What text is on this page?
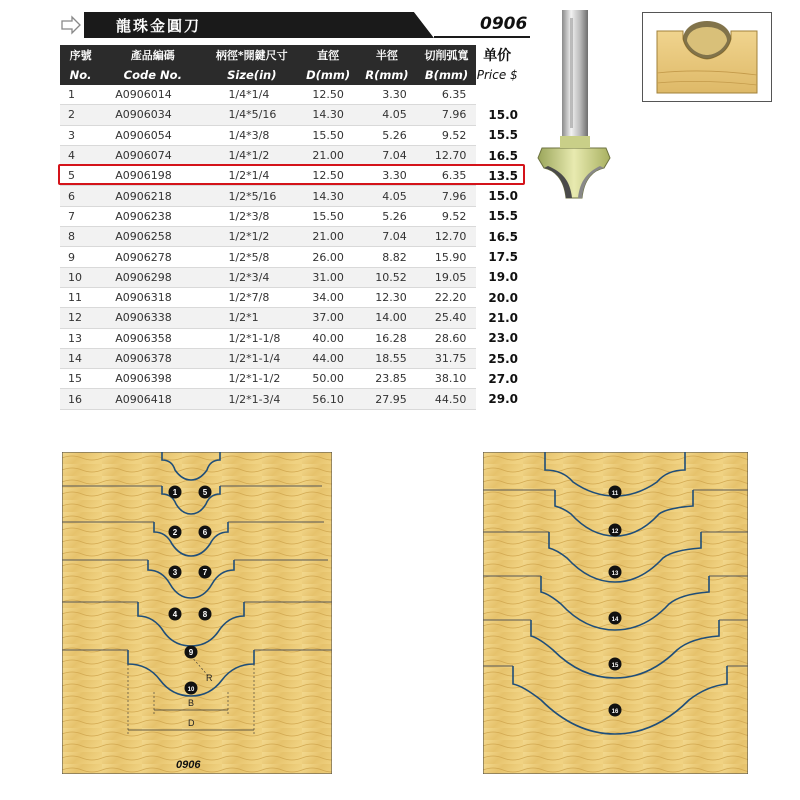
龍珠金圓刀	0906
序號	產品編碼	柄徑*開鍵尺寸	直徑	半徑	切削弧寬	单价
No.	Code No.	Size(in)	D(mm)	R(mm)	B(mm)	Price $
1	A0906014	1/4*1/4	12.50	3.30	6.35	
2	A0906034	1/4*5/16	14.30	4.05	7.96	15.0
3	A0906054	1/4*3/8	15.50	5.26	9.52	15.5
4	A0906074	1/4*1/2	21.00	7.04	12.70	16.5
5	A0906198	1/2*1/4	12.50	3.30	6.35	13.5
6	A0906218	1/2*5/16	14.30	4.05	7.96	15.0
7	A0906238	1/2*3/8	15.50	5.26	9.52	15.5
8	A0906258	1/2*1/2	21.00	7.04	12.70	16.5
9	A0906278	1/2*5/8	26.00	8.82	15.90	17.5
10	A0906298	1/2*3/4	31.00	10.52	19.05	19.0
11	A0906318	1/2*7/8	34.00	12.30	22.20	20.0
12	A0906338	1/2*1	37.00	14.00	25.40	21.0
13	A0906358	1/2*1-1/8	40.00	16.28	28.60	23.0
14	A0906378	1/2*1-1/4	44.00	18.55	31.75	25.0
15	A0906398	1/2*1-1/2	50.00	23.85	38.10	27.0
16	A0906418	1/2*1-3/4	56.10	27.95	44.50	29.0
1	5
2	6
3	7
4	8
9
10
R
B
D
0906
11
12
13
14
15
16
